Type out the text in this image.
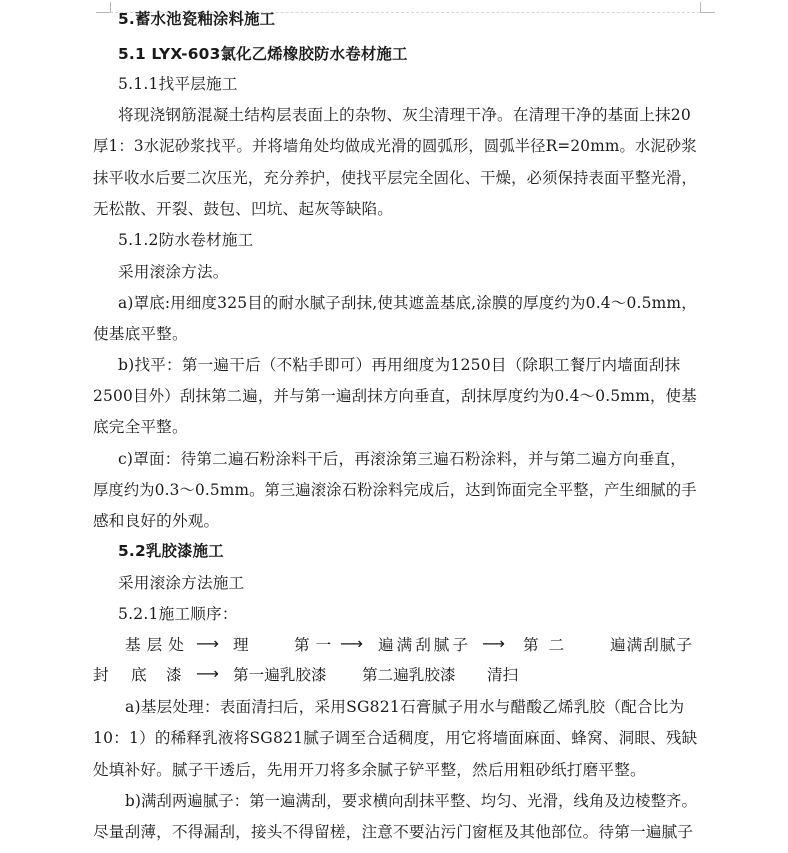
5.蓄水池瓷釉涂料施工
5.1 LYX-603氯化乙烯橡胶防水卷材施工
5.1.1找平层施工
将现浇钢筋混凝土结构层表面上的杂物、灰尘清理干净。在清理干净的基面上抹20
厚1：3水泥砂浆找平。并将墙角处均做成光滑的圆弧形，圆弧半径R=20mm。水泥砂浆
抹平收水后要二次压光，充分养护，使找平层完全固化、干燥，必须保持表面平整光滑，
无松散、开裂、鼓包、凹坑、起灰等缺陷。
5.1.2防水卷材施工
采用滚涂方法。
a)罩底:用细度325目的耐水腻子刮抹,使其遮盖基底,涂膜的厚度约为0.4～0.5mm，
使基底平整。
b)找平：第一遍干后（不粘手即可）再用细度为1250目（除职工餐厅内墙面刮抹
2500目外）刮抹第二遍，并与第一遍刮抹方向垂直，刮抹厚度约为0.4～0.5mm，使基
底完全平整。
c)罩面：待第二遍石粉涂料干后，再滚涂第三遍石粉涂料，并与第二遍方向垂直，
厚度约为0.3～0.5mm。第三遍滚涂石粉涂料完成后，达到饰面完全平整，产生细腻的手
感和良好的外观。
5.2乳胶漆施工
采用滚涂方法施工
5.2.1施工顺序：
基层处 ⟶ 理	第一 ⟶ 遍满刮腻子 ⟶ 第二 遍满刮腻子
封 底 漆 ⟶ 第一遍乳胶漆 第二遍乳胶漆 清扫
a)基层处理：表面清扫后，采用SG821石膏腻子用水与醋酸乙烯乳胶（配合比为
10：1）的稀释乳液将SG821腻子调至合适稠度，用它将墙面麻面、蜂窝、洞眼、残缺
处填补好。腻子干透后，先用开刀将多余腻子铲平整，然后用粗砂纸打磨平整。
b)满刮两遍腻子：第一遍满刮，要求横向刮抹平整、均匀、光滑，线角及边棱整齐。
尽量刮薄，不得漏刮，接头不得留槎，注意不要沾污门窗框及其他部位。待第一遍腻子
